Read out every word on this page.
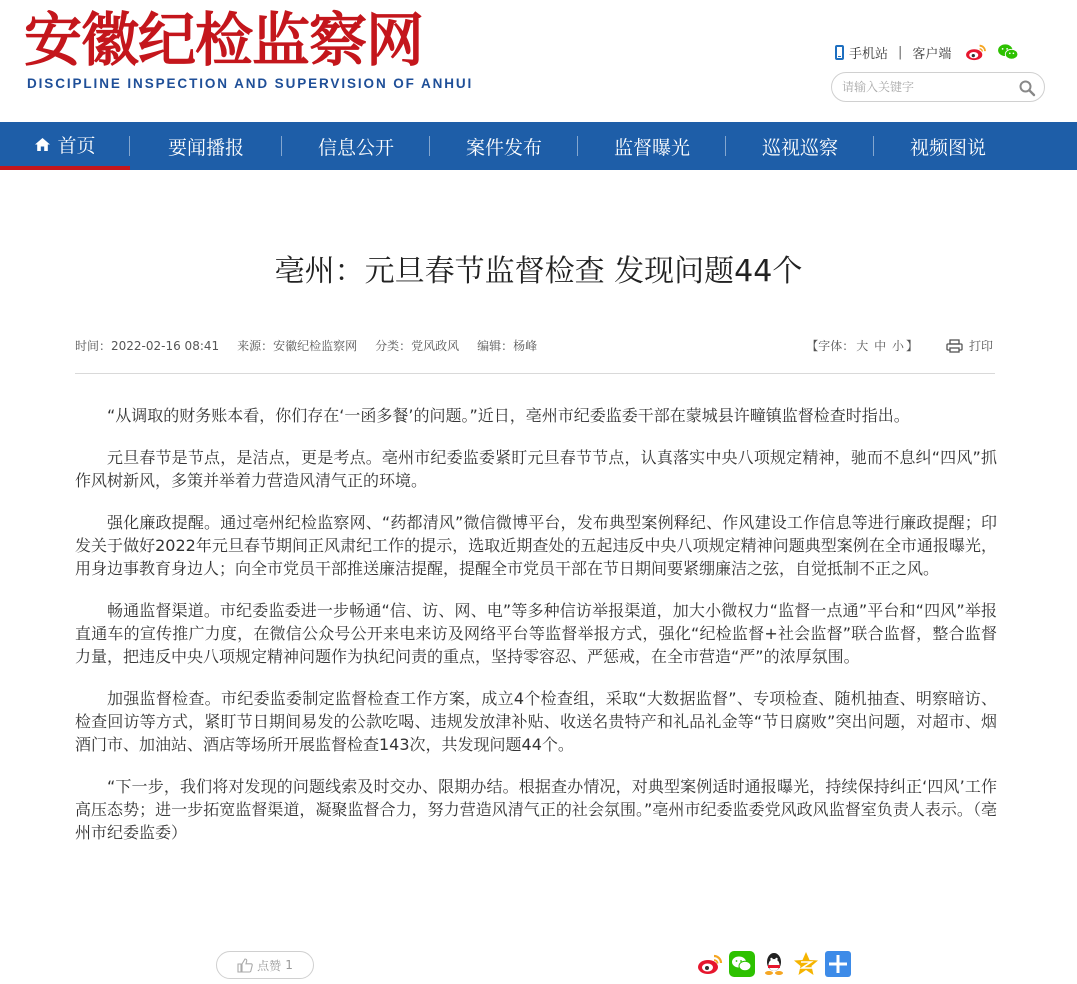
安徽纪检监察网
DISCIPLINE INSPECTION AND SUPERVISION OF ANHUI
手机站 | 客户端
请输入关键字
首页	要闻播报	信息公开	案件发布	监督曝光	巡视巡察	视频图说
亳州：元旦春节监督检查 发现问题44个
时间：2022-02-16 08:41 来源：安徽纪检监察网 分类：党风政风 编辑：杨峰	【字体： 大 中 小 】	打印

“从调取的财务账本看，你们存在‘一函多餐’的问题。”近日，亳州市纪委监委干部在蒙城县许疃镇监督检查时指出。

元旦春节是节点，是洁点，更是考点。亳州市纪委监委紧盯元旦春节节点，认真落实中央八项规定精神，驰而不息纠“四风”抓作风树新风，多策并举着力营造风清气正的环境。

强化廉政提醒。通过亳州纪检监察网、“药都清风”微信微博平台，发布典型案例释纪、作风建设工作信息等进行廉政提醒；印发关于做好2022年元旦春节期间正风肃纪工作的提示，选取近期查处的五起违反中央八项规定精神问题典型案例在全市通报曝光，用身边事教育身边人；向全市党员干部推送廉洁提醒，提醒全市党员干部在节日期间要紧绷廉洁之弦，自觉抵制不正之风。

畅通监督渠道。市纪委监委进一步畅通“信、访、网、电”等多种信访举报渠道，加大小微权力“监督一点通”平台和“四风”举报直通车的宣传推广力度，在微信公众号公开来电来访及网络平台等监督举报方式，强化“纪检监督+社会监督”联合监督，整合监督力量，把违反中央八项规定精神问题作为执纪问责的重点，坚持零容忍、严惩戒，在全市营造“严”的浓厚氛围。

加强监督检查。市纪委监委制定监督检查工作方案，成立4个检查组，采取“大数据监督”、专项检查、随机抽查、明察暗访、检查回访等方式，紧盯节日期间易发的公款吃喝、违规发放津补贴、收送名贵特产和礼品礼金等“节日腐败”突出问题，对超市、烟酒门市、加油站、酒店等场所开展监督检查143次，共发现问题44个。

“下一步，我们将对发现的问题线索及时交办、限期办结。根据查办情况，对典型案例适时通报曝光，持续保持纠正‘四风’工作高压态势；进一步拓宽监督渠道，凝聚监督合力，努力营造风清气正的社会氛围。”亳州市纪委监委党风政风监督室负责人表示。（亳州市纪委监委）

点赞 1
